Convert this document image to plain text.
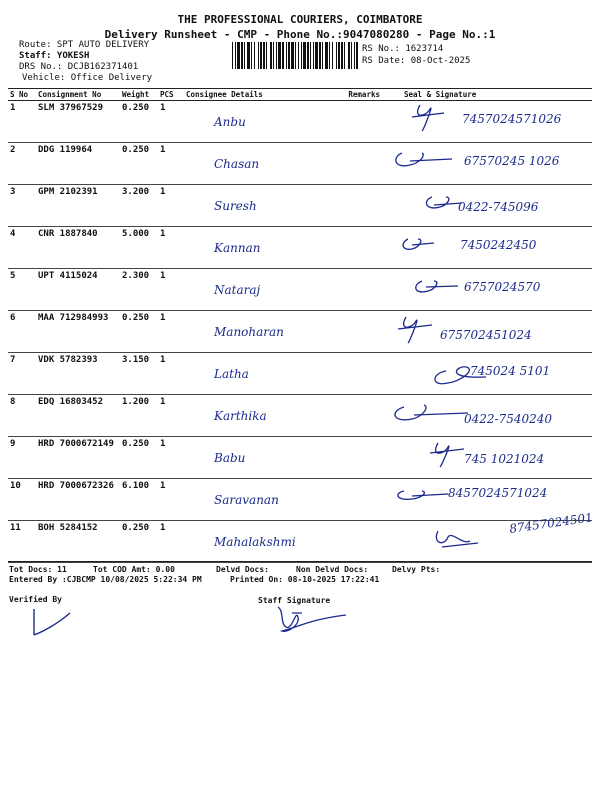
THE PROFESSIONAL COURIERS, COIMBATORE
Delivery Runsheet - CMP - Phone No.:9047080280 - Page No.:1
Route: SPT AUTO DELIVERY
Staff: YOKESH
DRS No.: DCJB162371401
Vehicle: Office Delivery
RS No.: 1623714
RS Date: 08-Oct-2025
S No	Consignment No	Weight	PCS	Consignee Details	Remarks	Seal & Signature
1	SLM 37967529	0.250	1	Anbu		7457024571026

2	DDG 119964	0.250	1	Chasan		67570245 1026

3	GPM 2102391	3.200	1	Suresh		0422-745096

4	CNR 1887840	5.000	1	Kannan		7450242450

5	UPT 4115024	2.300	1	Nataraj		6757024570

6	MAA 712984993	0.250	1	Manoharan		675702451024

7	VDK 5782393	3.150	1	Latha		745024 5101

8	EDQ 16803452	1.200	1	Karthika		0422-7540240

9	HRD 7000672149	0.250	1	Babu		745 1021024

10	HRD 7000672326	6.100	1	Saravanan		8457024571024

11	BOH 5284152	0.250	1	Mahalakshmi		87457024501
Tot Docs: 11	Tot COD Amt: 0.00	Delvd Docs:	Non Delvd Docs:	Delvy Pts:
Entered By :CJBCMP 10/08/2025 5:22:34 PM	Printed On: 08-10-2025 17:22:41
Verified By	Staff Signature
